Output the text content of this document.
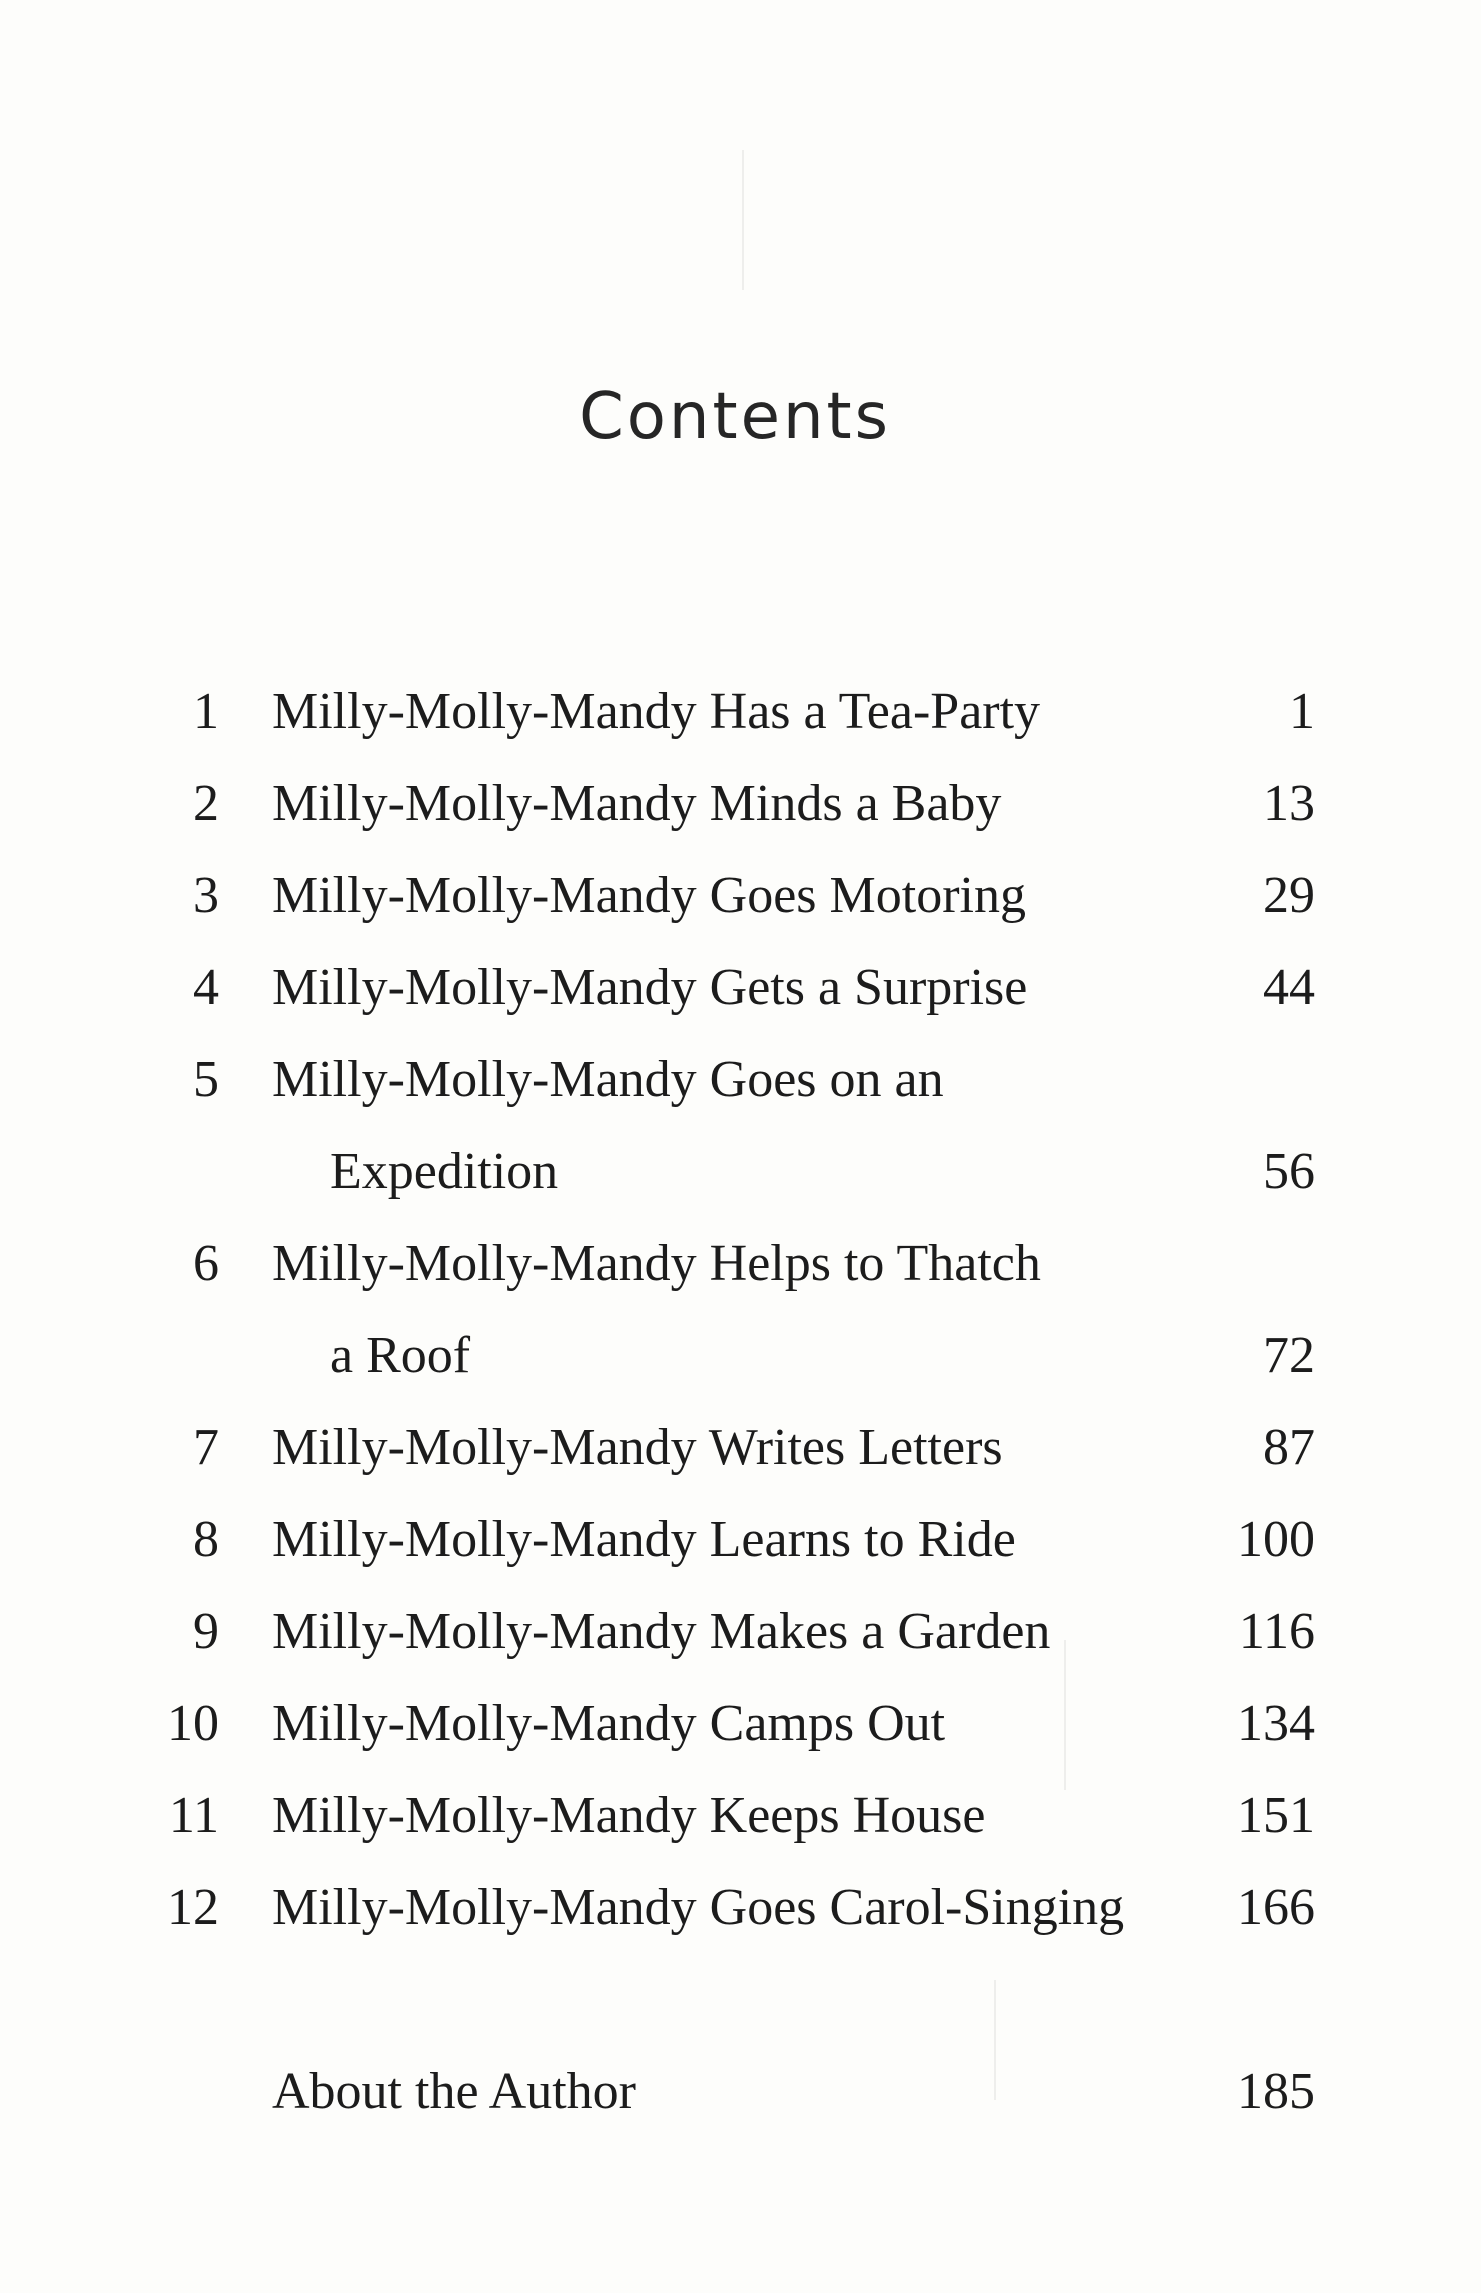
Contents
1 Milly-Molly-Mandy Has a Tea-Party	1
2 Milly-Molly-Mandy Minds a Baby	13
3 Milly-Molly-Mandy Goes Motoring	29
4 Milly-Molly-Mandy Gets a Surprise	44
5 Milly-Molly-Mandy Goes on an
Expedition	56
6 Milly-Molly-Mandy Helps to Thatch
a Roof	72
7 Milly-Molly-Mandy Writes Letters	87
8 Milly-Molly-Mandy Learns to Ride	100
9 Milly-Molly-Mandy Makes a Garden	116
10 Milly-Molly-Mandy Camps Out	134
11 Milly-Molly-Mandy Keeps House	151
12 Milly-Molly-Mandy Goes Carol-Singing 166
About the Author	185
